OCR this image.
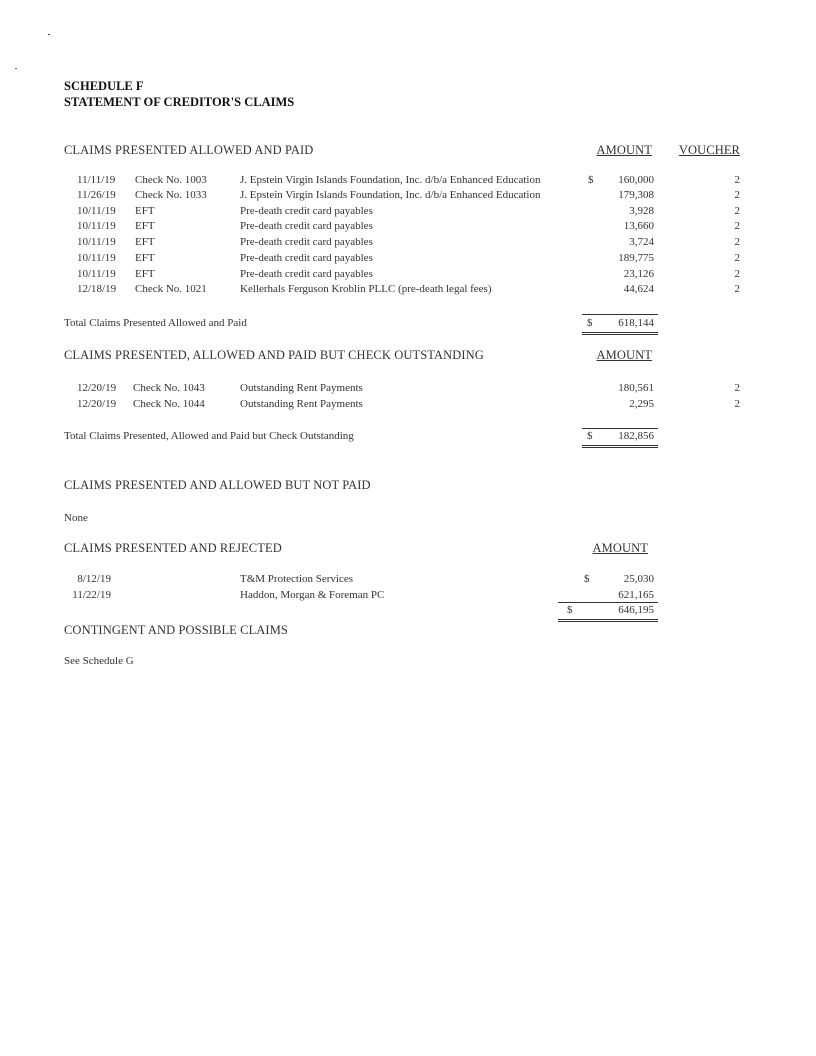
SCHEDULE F
STATEMENT OF CREDITOR'S CLAIMS
CLAIMS PRESENTED ALLOWED AND PAID	AMOUNT	VOUCHER
11/11/19 Check No. 1003	J. Epstein Virgin Islands Foundation, Inc. d/b/a Enhanced Education	$	160,000	2
11/26/19 Check No. 1033	J. Epstein Virgin Islands Foundation, Inc. d/b/a Enhanced Education	179,308	2
10/11/19 EFT	Pre-death credit card payables	3,928	2
10/11/19 EFT	Pre-death credit card payables	13,660	2
10/11/19 EFT	Pre-death credit card payables	3,724	2
10/11/19 EFT	Pre-death credit card payables	189,775	2
10/11/19 EFT	Pre-death credit card payables	23,126	2
12/18/19 Check No. 1021	Kellerhals Ferguson Kroblin PLLC (pre-death legal fees)	44,624	2
Total Claims Presented Allowed and Paid	$	618,144
CLAIMS PRESENTED, ALLOWED AND PAID BUT CHECK OUTSTANDING	AMOUNT
12/20/19 Check No. 1043	Outstanding Rent Payments	180,561	2
12/20/19 Check No. 1044	Outstanding Rent Payments	2,295	2
Total Claims Presented, Allowed and Paid but Check Outstanding	$	182,856
CLAIMS PRESENTED AND ALLOWED BUT NOT PAID
None
CLAIMS PRESENTED AND REJECTED	AMOUNT
8/12/19	T&M Protection Services	$	25,030
11/22/19	Haddon, Morgan & Foreman PC	621,165
$	646,195
CONTINGENT AND POSSIBLE CLAIMS
See Schedule G
